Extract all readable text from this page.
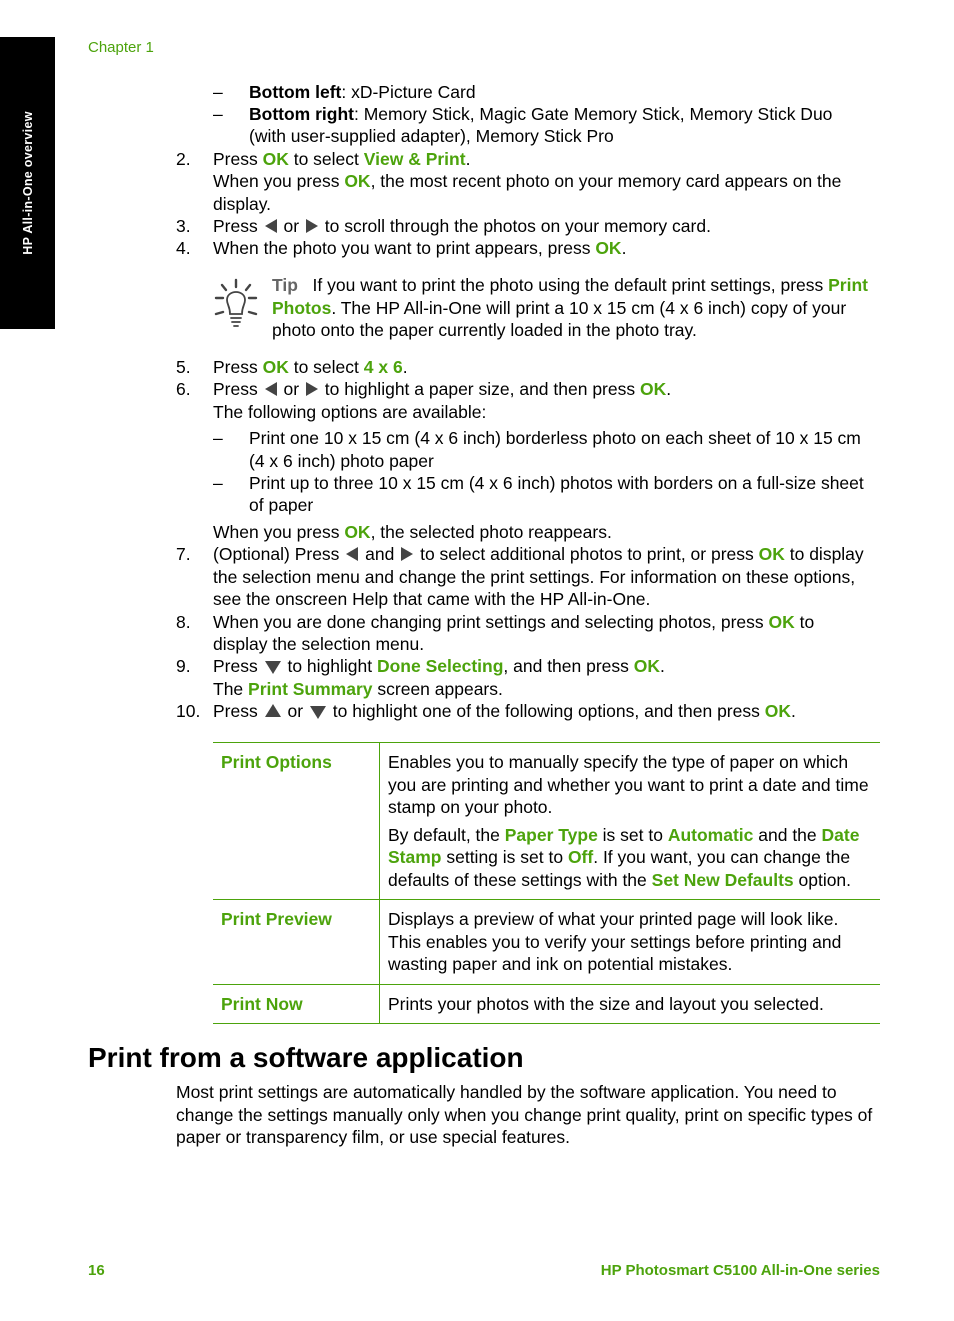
HP All-in-One overview
Chapter 1
– Bottom left: xD-Picture Card
– Bottom right: Memory Stick, Magic Gate Memory Stick, Memory Stick Duo
(with user-supplied adapter), Memory Stick Pro
2. Press OK to select View & Print.
When you press OK, the most recent photo on your memory card appears on the
display.
3. Press  or  to scroll through the photos on your memory card.
4. When the photo you want to print appears, press OK.
Tip If you want to print the photo using the default print settings, press Print Photos. The HP All-in-One will print a 10 x 15 cm (4 x 6 inch) copy of your photo onto the paper currently loaded in the photo tray.
5. Press OK to select 4 x 6.
6. Press  or  to highlight a paper size, and then press OK.
The following options are available:
– Print one 10 x 15 cm (4 x 6 inch) borderless photo on each sheet of 10 x 15 cm
(4 x 6 inch) photo paper
– Print up to three 10 x 15 cm (4 x 6 inch) photos with borders on a full-size sheet
of paper
When you press OK, the selected photo reappears.
7. (Optional) Press  and  to select additional photos to print, or press OK to display
the selection menu and change the print settings. For information on these options,
see the onscreen Help that came with the HP All-in-One.
8. When you are done changing print settings and selecting photos, press OK to
display the selection menu.
9. Press  to highlight Done Selecting, and then press OK.
The Print Summary screen appears.
10. Press  or  to highlight one of the following options, and then press OK.
Print Options	Enables you to manually specify the type of paper on which you are printing and whether you want to print a date and time stamp on your photo.

By default, the Paper Type is set to Automatic and the Date Stamp setting is set to Off. If you want, you can change the defaults of these settings with the Set New Defaults option.

Print Preview	Displays a preview of what your printed page will look like. This enables you to verify your settings before printing and wasting paper and ink on potential mistakes.

Print Now	Prints your photos with the size and layout you selected.

Print from a software application
Most print settings are automatically handled by the software application. You need to change the settings manually only when you change print quality, print on specific types of paper or transparency film, or use special features.
16	HP Photosmart C5100 All-in-One series
